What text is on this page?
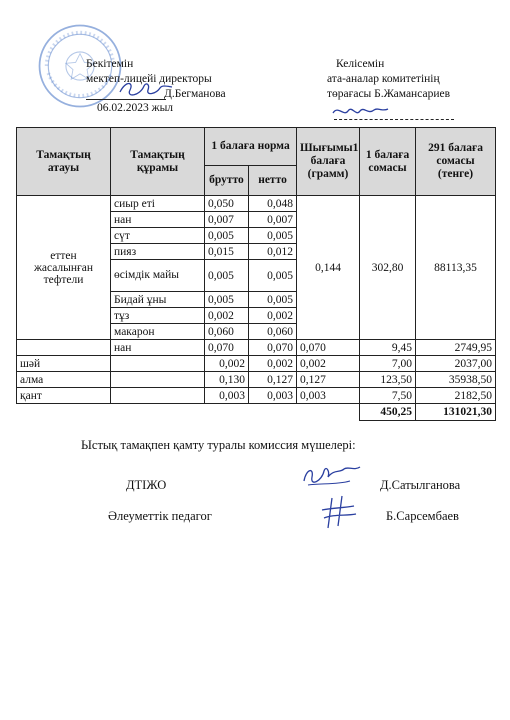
Бекітемін
мектеп-лицейі директоры
Д.Бегманова
06.02.2023 жыл
Келісемін
ата-аналар комитетінің
төрағасы Б.Жамансариев
Тамақтың атауы	Тамақтың құрамы	1 балаға норма		Шығымы1 балаға (грамм)	1 балаға сомасы	291 балаға сомасы (тенге)
		брутто	нетто			
еттен жасалынған тефтели	сиыр еті	0,050	0,048	0,144	302,80	88113,35
	нан	0,007	0,007			
	сүт	0,005	0,005			
	пияз	0,015	0,012			
	өсімдік майы	0,005	0,005			
	Бидай ұны	0,005	0,005			
	тұз	0,002	0,002			
	макарон	0,060	0,060			
	нан	0,070	0,070	0,070	9,45	2749,95
шәй		0,002	0,002	0,002	7,00	2037,00
алма		0,130	0,127	0,127	123,50	35938,50
қант		0,003	0,003	0,003	7,50	2182,50
					450,25	131021,30
Ыстық тамақпен қамту туралы комиссия мүшелері:
ДТІЖО	Д.Сатылганова
Әлеуметтік педагог	Б.Сарсембаев
